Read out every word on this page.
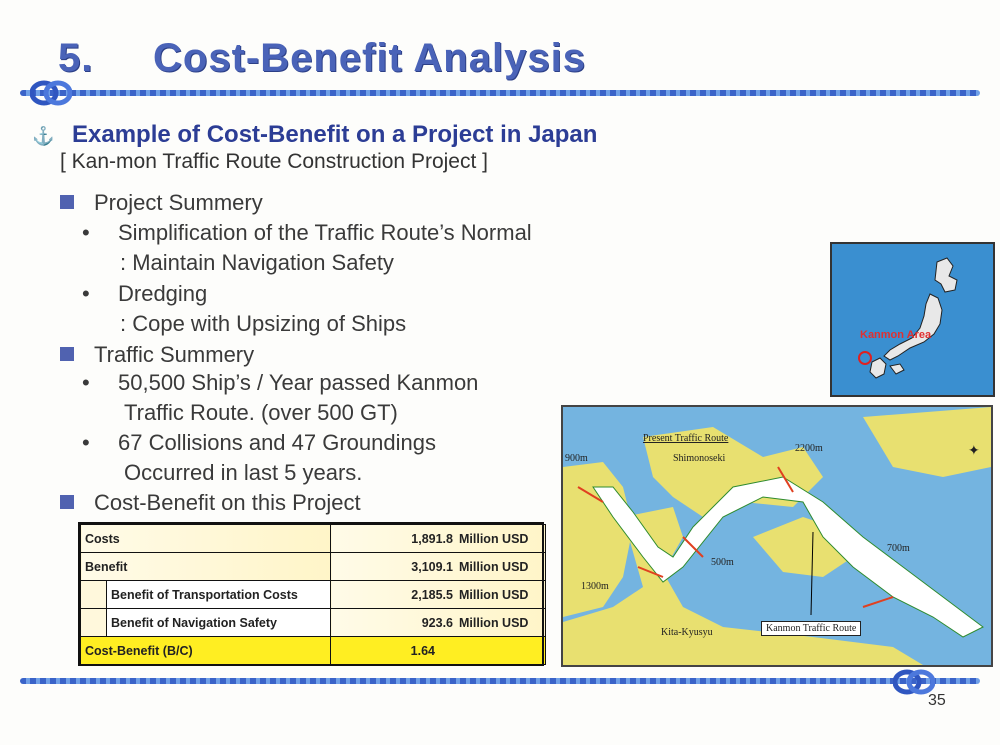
5. Cost-Benefit Analysis
⚓ Example of Cost-Benefit on a Project in Japan
[ Kan-mon Traffic Route Construction Project ]
Project Summery
• Simplification of the Traffic Route’s Normal
: Maintain Navigation Safety
• Dredging
: Cope with Upsizing of Ships
Traffic Summery
• 50,500 Ship’s / Year passed Kanmon
Traffic Route. (over 500 GT)
• 67 Collisions and 47 Groundings
Occurred in last 5 years.
Cost-Benefit on this Project
Costs		1,891.8 Million USD
Benefit		3,109.1 Million USD
	Benefit of Transportation Costs	2,185.5 Million USD
	Benefit of Navigation Safety	923.6 Million USD
Cost-Benefit (B/C)		1.64
Kanmon Area
✦
Present Traffic Route
Shimonoseki
900m
2200m
700m
500m
1300m
Kita-Kyusyu	Kanmon Traffic Route
35
